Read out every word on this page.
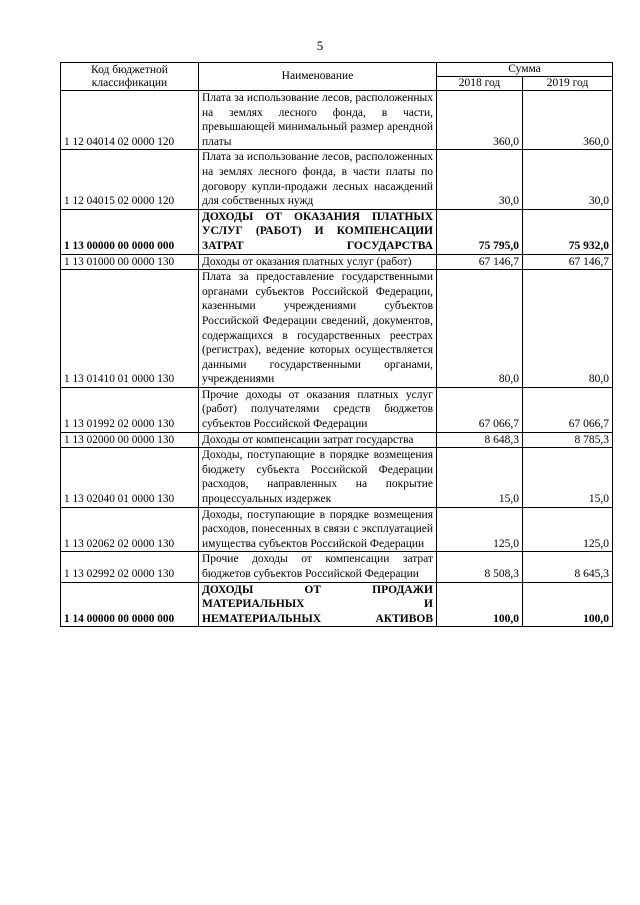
5
Код бюджетной классификации	Наименование	Сумма	
		2018 год	2019 год
1 12 04014 02 0000 120	Плата за использование лесов, расположенных на землях лесного фонда, в части, превышающей минимальный размер арендной платы	360,0	360,0
1 12 04015 02 0000 120	Плата за использование лесов, расположенных на землях лесного фонда, в части платы по договору купли-продажи лесных насаждений для собственных нужд	30,0	30,0
1 13 00000 00 0000 000	ДОХОДЫ ОТ ОКАЗАНИЯ ПЛАТНЫХ УСЛУГ (РАБОТ) И КОМПЕНСАЦИИ ЗАТРАТ ГОСУДАРСТВА	75 795,0	75 932,0
1 13 01000 00 0000 130	Доходы от оказания платных услуг (работ)	67 146,7	67 146,7
1 13 01410 01 0000 130	Плата за предоставление государственными органами субъектов Российской Федерации, казенными учреждениями субъектов Российской Федерации сведений, документов, содержащихся в государственных реестрах (регистрах), ведение которых осуществляется данными государственными органами, учреждениями	80,0	80,0
1 13 01992 02 0000 130	Прочие доходы от оказания платных услуг (работ) получателями средств бюджетов субъектов Российской Федерации	67 066,7	67 066,7
1 13 02000 00 0000 130	Доходы от компенсации затрат государства	8 648,3	8 785,3
1 13 02040 01 0000 130	Доходы, поступающие в порядке возмещения бюджету субъекта Российской Федерации расходов, направленных на покрытие процессуальных издержек	15,0	15,0
1 13 02062 02 0000 130	Доходы, поступающие в порядке возмещения расходов, понесенных в связи с эксплуатацией имущества субъектов Российской Федерации	125,0	125,0
1 13 02992 02 0000 130	Прочие доходы от компенсации затрат бюджетов субъектов Российской Федерации	8 508,3	8 645,3
1 14 00000 00 0000 000	ДОХОДЫ ОТ ПРОДАЖИ МАТЕРИАЛЬНЫХ И НЕМАТЕРИАЛЬНЫХ АКТИВОВ	100,0	100,0
